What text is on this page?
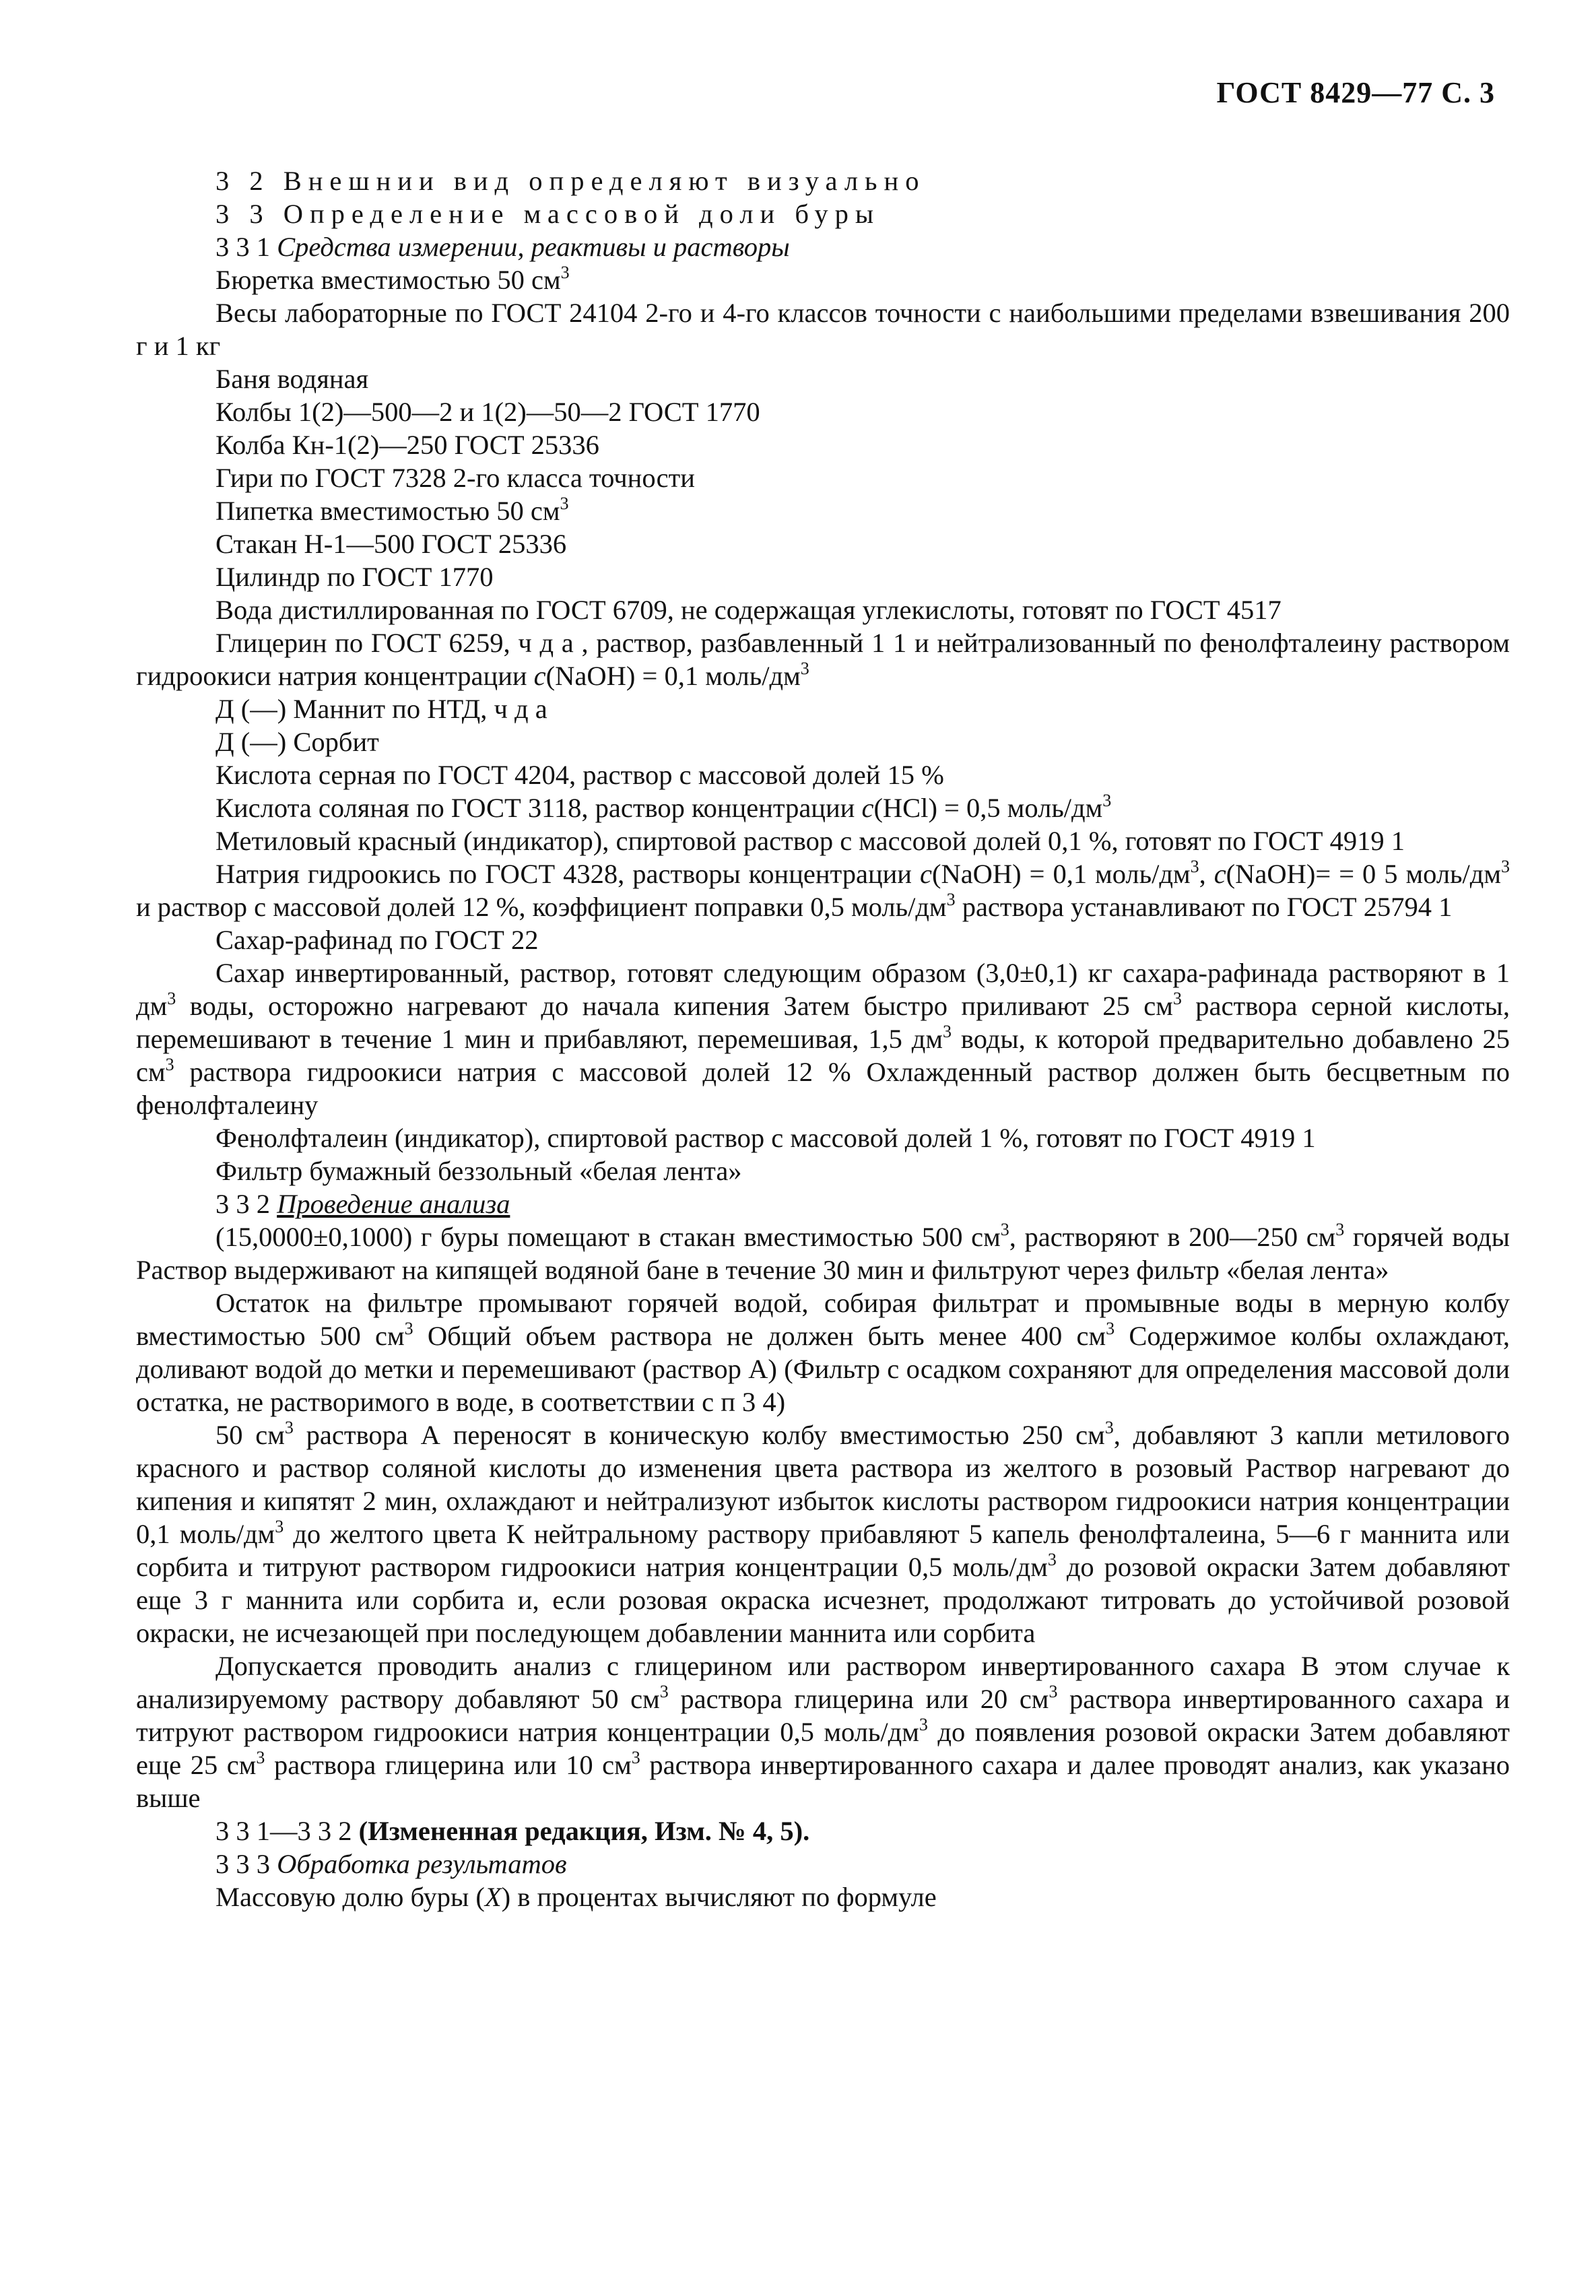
ГОСТ 8429—77 С. 3

3 2 Внешнии вид определяют визуально

3 3 Определение массовой доли буры

3 3 1 Средства измерении, реактивы и растворы

Бюретка вместимостью 50 $см^3$

Весы лабораторные по ГОСТ 24104 2-го и 4-го классов точности с наибольшими пределами взвешивания 200 г и 1 кг

Баня водяная

Колбы 1(2)—500—2 и 1(2)—50—2 ГОСТ 1770

Колба Кн-1(2)—250 ГОСТ 25336

Гири по ГОСТ 7328 2-го класса точности

Пипетка вместимостью 50 $см^3$

Стакан Н-1—500 ГОСТ 25336

Цилиндр по ГОСТ 1770

Вода дистиллированная по ГОСТ 6709, не содержащая углекислоты, готовят по ГОСТ 4517

Глицерин по ГОСТ 6259, ч д а , раствор, разбавленный 1 1 и нейтрализованный по фенолфталеину раствором гидроокиси натрия концентрации c(NaOH) = 0,1 моль/$дм^3$

Д (—) Маннит по НТД, ч д а

Д (—) Сорбит

Кислота серная по ГОСТ 4204, раствор с массовой долей 15 %

Кислота соляная по ГОСТ 3118, раствор концентрации c(HCl) = 0,5 моль/$дм^3$

Метиловый красный (индикатор), спиртовой раствор с массовой долей 0,1 %, готовят по ГОСТ 4919 1

Натрия гидроокись по ГОСТ 4328, растворы концентрации c(NaOH) = 0,1 моль/$дм^3$, c(NaOH)= = 0 5 моль/$дм^3$ и раствор с массовой долей 12 %, коэффициент поправки 0,5 моль/$дм^3$ раствора устанавливают по ГОСТ 25794 1

Сахар-рафинад по ГОСТ 22

Сахар инвертированный, раствор, готовят следующим образом (3,0±0,1) кг сахара-рафинада растворяют в 1 $дм^3$ воды, осторожно нагревают до начала кипения Затем быстро приливают 25 $см^3$ раствора серной кислоты, перемешивают в течение 1 мин и прибавляют, перемешивая, 1,5 $дм^3$ воды, к которой предварительно добавлено 25 $см^3$ раствора гидроокиси натрия с массовой долей 12 % Охлажденный раствор должен быть бесцветным по фенолфталеину

Фенолфталеин (индикатор), спиртовой раствор с массовой долей 1 %, готовят по ГОСТ 4919 1

Фильтр бумажный беззольный «белая лента»

3 3 2 Проведение анализа

(15,0000±0,1000) г буры помещают в стакан вместимостью 500 $см^3$, растворяют в 200—250 $см^3$ горячей воды Раствор выдерживают на кипящей водяной бане в течение 30 мин и фильтруют через фильтр «белая лента»

Остаток на фильтре промывают горячей водой, собирая фильтрат и промывные воды в мерную колбу вместимостью 500 $см^3$ Общий объем раствора не должен быть менее 400 $см^3$ Содержимое колбы охлаждают, доливают водой до метки и перемешивают (раствор А) (Фильтр с осадком сохраняют для определения массовой доли остатка, не растворимого в воде, в соответствии с п 3 4)

50 $см^3$ раствора А переносят в коническую колбу вместимостью 250 $см^3$, добавляют 3 капли метилового красного и раствор соляной кислоты до изменения цвета раствора из желтого в розовый Раствор нагревают до кипения и кипятят 2 мин, охлаждают и нейтрализуют избыток кислоты раствором гидроокиси натрия концентрации 0,1 моль/$дм^3$ до желтого цвета К нейтральному раствору прибавляют 5 капель фенолфталеина, 5—6 г маннита или сорбита и титруют раствором гидроокиси натрия концентрации 0,5 моль/$дм^3$ до розовой окраски Затем добавляют еще 3 г маннита или сорбита и, если розовая окраска исчезнет, продолжают титровать до устойчивой розовой окраски, не исчезающей при последующем добавлении маннита или сорбита

Допускается проводить анализ с глицерином или раствором инвертированного сахара В этом случае к анализируемому раствору добавляют 50 $см^3$ раствора глицерина или 20 $см^3$ раствора инвертированного сахара и титруют раствором гидроокиси натрия концентрации 0,5 моль/$дм^3$ до появления розовой окраски Затем добавляют еще 25 $см^3$ раствора глицерина или 10 $см^3$ раствора инвертированного сахара и далее проводят анализ, как указано выше

3 3 1—3 3 2 (Измененная редакция, Изм. № 4, 5).

3 3 3 Обработка результатов

Массовую долю буры (X) в процентах вычисляют по формуле
